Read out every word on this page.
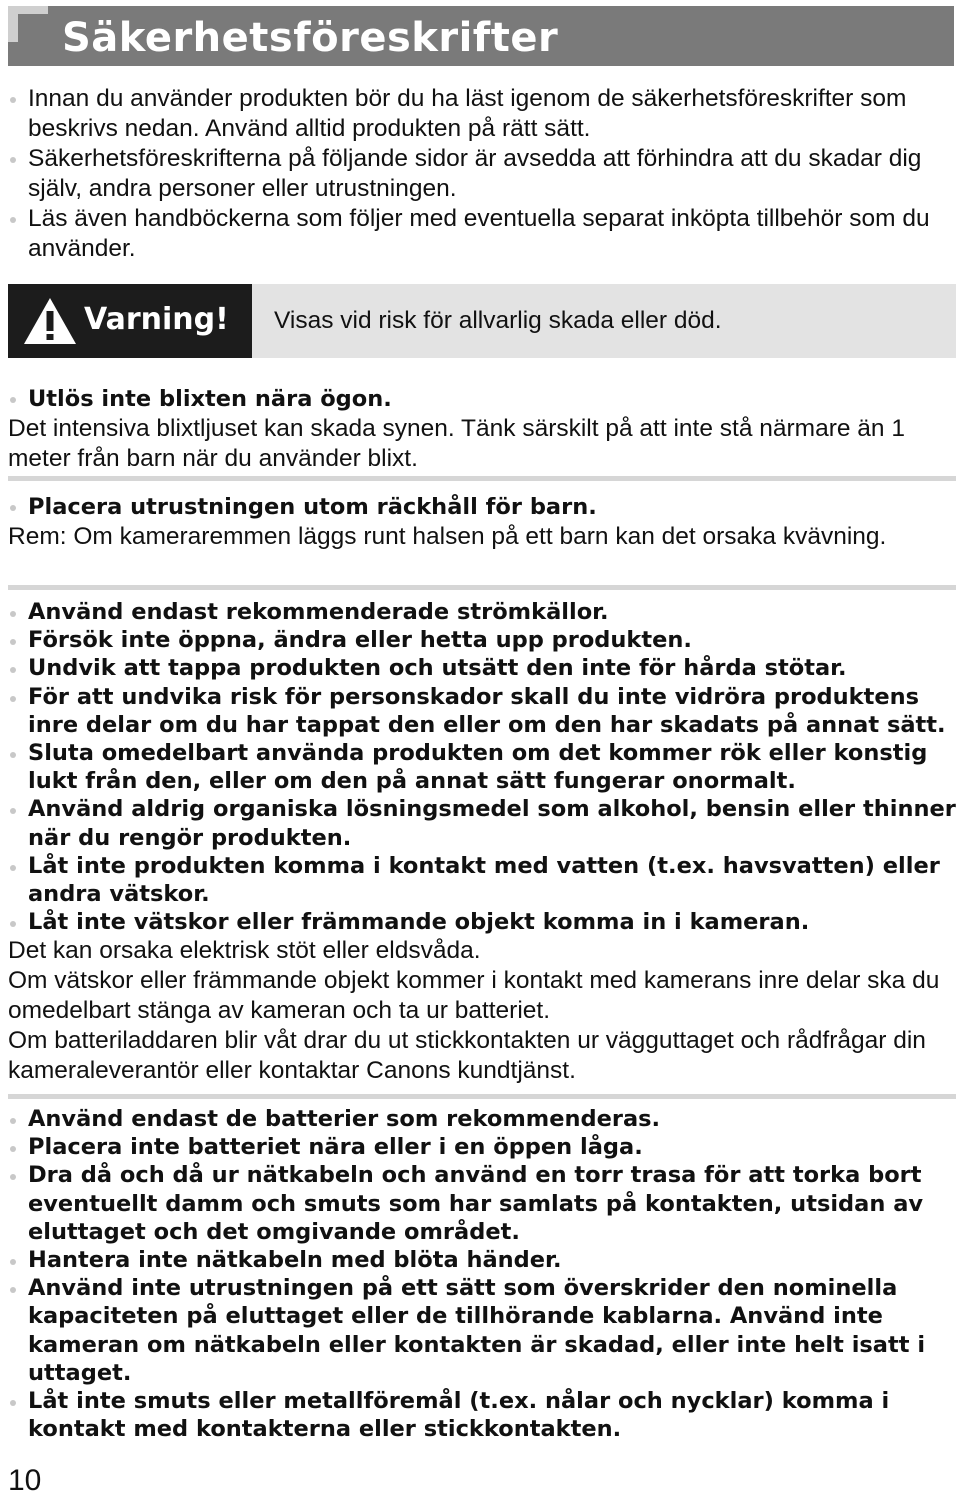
Säkerhetsföreskrifter

Innan du använder produkten bör du ha läst igenom de säkerhetsföreskrifter som beskrivs nedan. Använd alltid produkten på rätt sätt.

Säkerhetsföreskrifterna på följande sidor är avsedda att förhindra att du skadar dig själv, andra personer eller utrustningen.

Läs även handböckerna som följer med eventuella separat inköpta tillbehör som du använder.

Varning! Visas vid risk för allvarlig skada eller död.

Utlös inte blixten nära ögon.

Det intensiva blixtljuset kan skada synen. Tänk särskilt på att inte stå närmare än 1 meter från barn när du använder blixt.

Placera utrustningen utom räckhåll för barn.

Rem: Om kameraremmen läggs runt halsen på ett barn kan det orsaka kvävning.

Använd endast rekommenderade strömkällor.

Försök inte öppna, ändra eller hetta upp produkten.

Undvik att tappa produkten och utsätt den inte för hårda stötar.

För att undvika risk för personskador skall du inte vidröra produktens inre delar om du har tappat den eller om den har skadats på annat sätt.

Sluta omedelbart använda produkten om det kommer rök eller konstig lukt från den, eller om den på annat sätt fungerar onormalt.

Använd aldrig organiska lösningsmedel som alkohol, bensin eller thinner när du rengör produkten.

Låt inte produkten komma i kontakt med vatten (t.ex. havsvatten) eller andra vätskor.

Låt inte vätskor eller främmande objekt komma in i kameran.

Det kan orsaka elektrisk stöt eller eldsvåda.

Om vätskor eller främmande objekt kommer i kontakt med kamerans inre delar ska du omedelbart stänga av kameran och ta ur batteriet.

Om batteriladdaren blir våt drar du ut stickkontakten ur vägguttaget och rådfrågar din kameraleverantör eller kontaktar Canons kundtjänst.

Använd endast de batterier som rekommenderas.

Placera inte batteriet nära eller i en öppen låga.

Dra då och då ur nätkabeln och använd en torr trasa för att torka bort eventuellt damm och smuts som har samlats på kontakten, utsidan av eluttaget och det omgivande området.

Hantera inte nätkabeln med blöta händer.

Använd inte utrustningen på ett sätt som överskrider den nominella kapaciteten på eluttaget eller de tillhörande kablarna. Använd inte kameran om nätkabeln eller kontakten är skadad, eller inte helt isatt i uttaget.

Låt inte smuts eller metallföremål (t.ex. nålar och nycklar) komma i kontakt med kontakterna eller stickkontakten.

10
